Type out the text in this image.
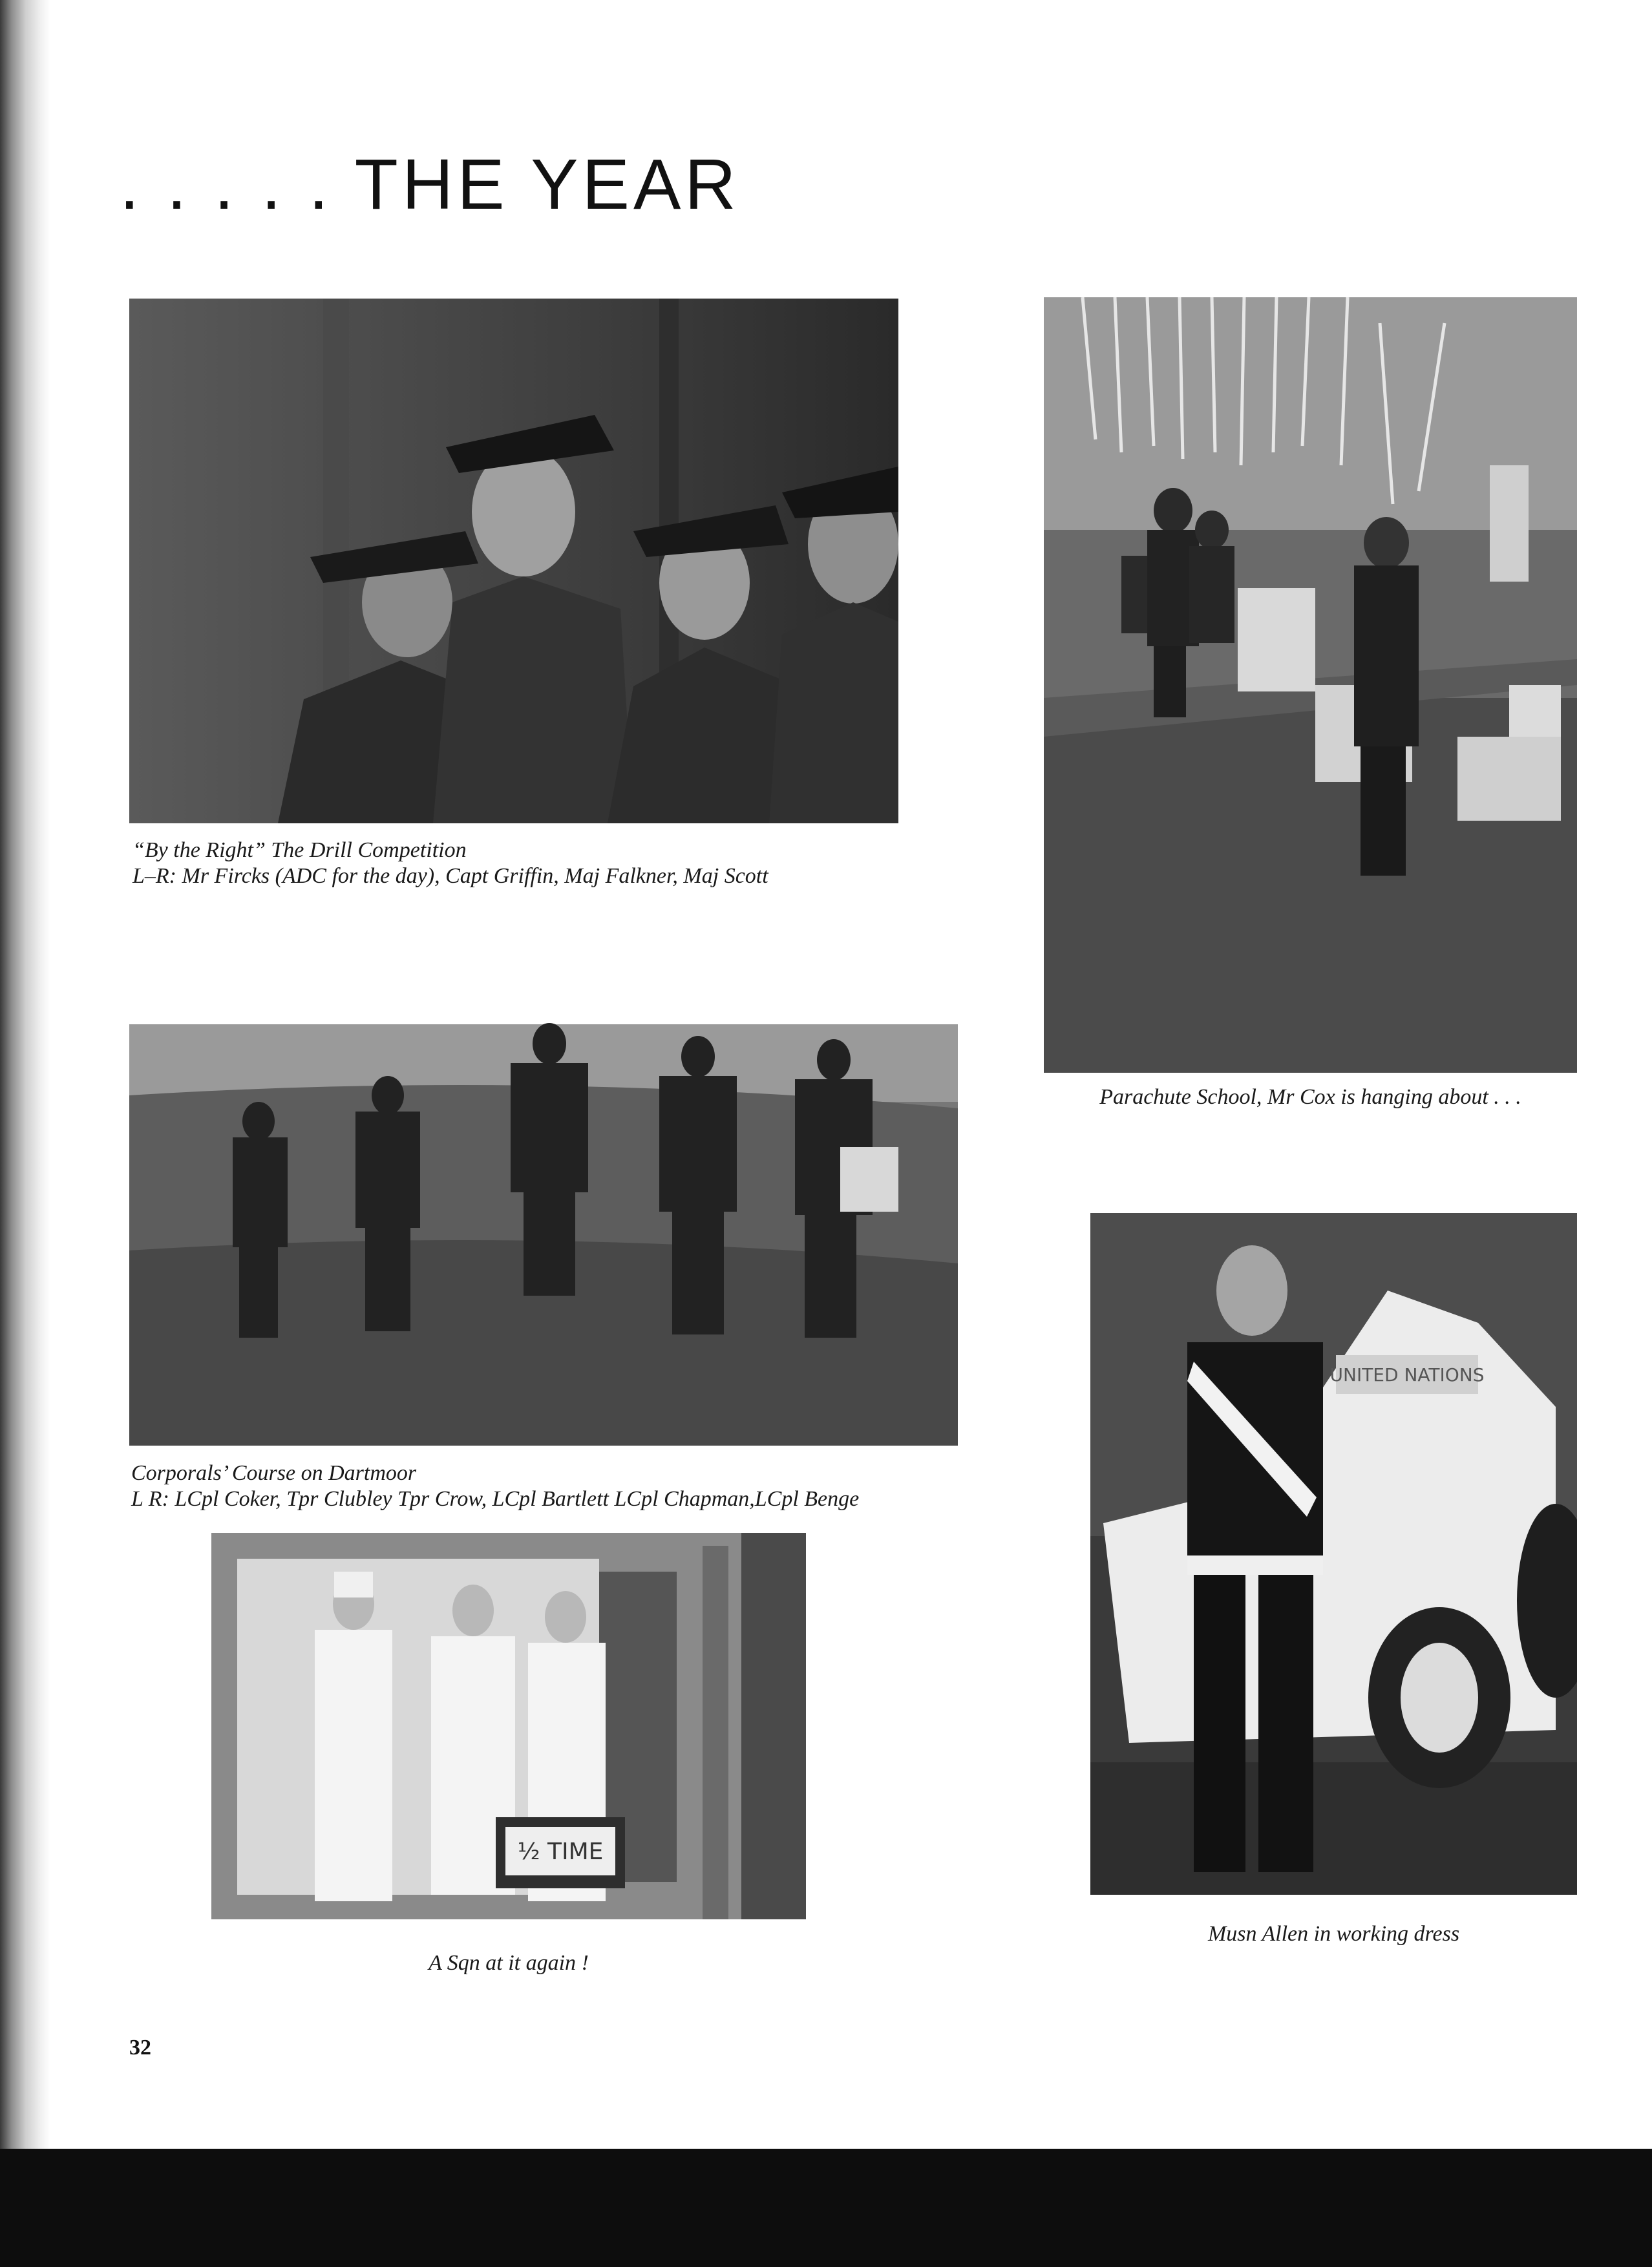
. . . . . THE YEAR
“By the Right” The Drill Competition
L–R: Mr Fircks (ADC for the day), Capt Griffin, Maj Falkner, Maj Scott
Parachute School, Mr Cox is hanging about . . .
Corporals’ Course on Dartmoor
L R: LCpl Coker, Tpr Clubley Tpr Crow, LCpl Bartlett LCpl Chapman,LCpl Benge
½ TIME
A Sqn at it again !
UNITED NATIONS
Musn Allen in working dress
32
